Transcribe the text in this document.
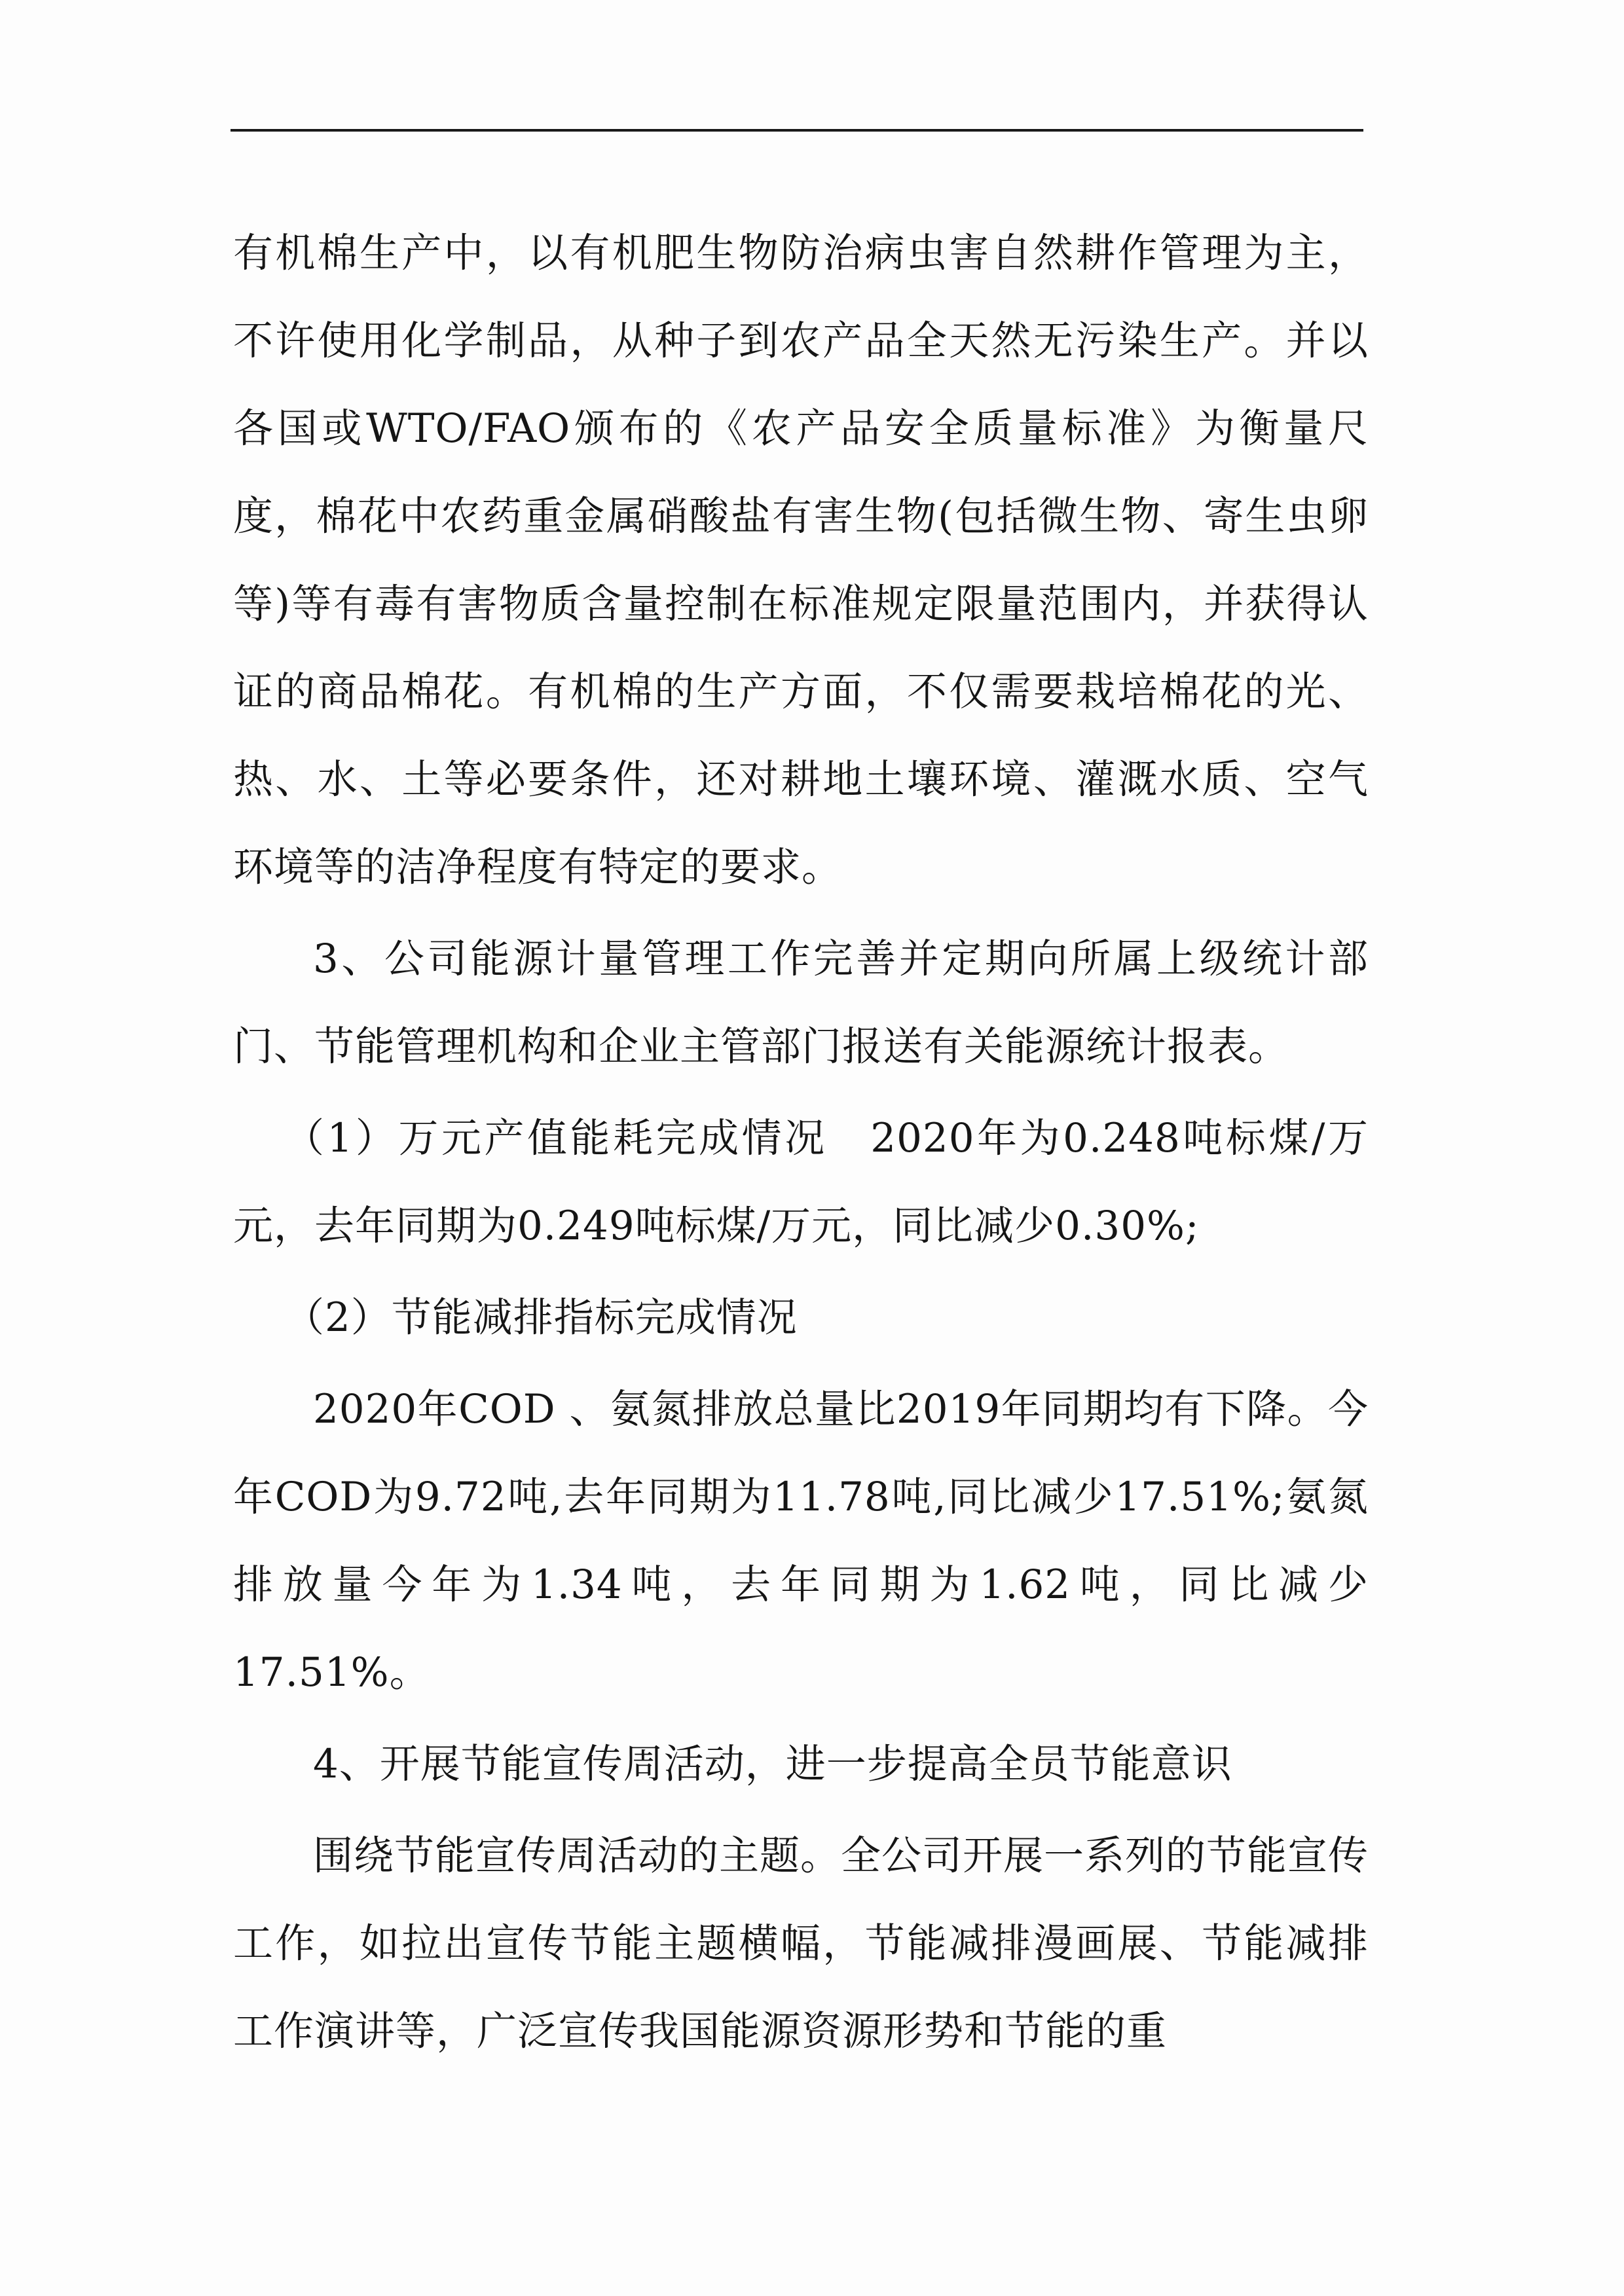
有机棉生产中，以有机肥生物防治病虫害自然耕作管理为主，不许使用化学制品，从种子到农产品全天然无污染生产。并以各国或WTO/FAO颁布的《农产品安全质量标准》为衡量尺度，棉花中农药重金属硝酸盐有害生物(包括微生物、寄生虫卵等)等有毒有害物质含量控制在标准规定限量范围内，并获得认证的商品棉花。有机棉的生产方面，不仅需要栽培棉花的光、热、水、土等必要条件，还对耕地土壤环境、灌溉水质、空气环境等的洁净程度有特定的要求。

3、公司能源计量管理工作完善并定期向所属上级统计部门、节能管理机构和企业主管部门报送有关能源统计报表。

（1）万元产值能耗完成情况　2020年为0.248吨标煤/万元，去年同期为0.249吨标煤/万元，同比减少0.30%;

（2）节能减排指标完成情况

2020年COD 、氨氮排放总量比2019年同期均有下降。今年COD为9.72吨,去年同期为11.78吨,同比减少17.51%;氨氮排放量今年为1.34吨，去年同期为1.62吨，同比减少17.51%。

4、开展节能宣传周活动，进一步提高全员节能意识

围绕节能宣传周活动的主题。全公司开展一系列的节能宣传工作，如拉出宣传节能主题横幅，节能减排漫画展、节能减排工作演讲等，广泛宣传我国能源资源形势和节能的重
